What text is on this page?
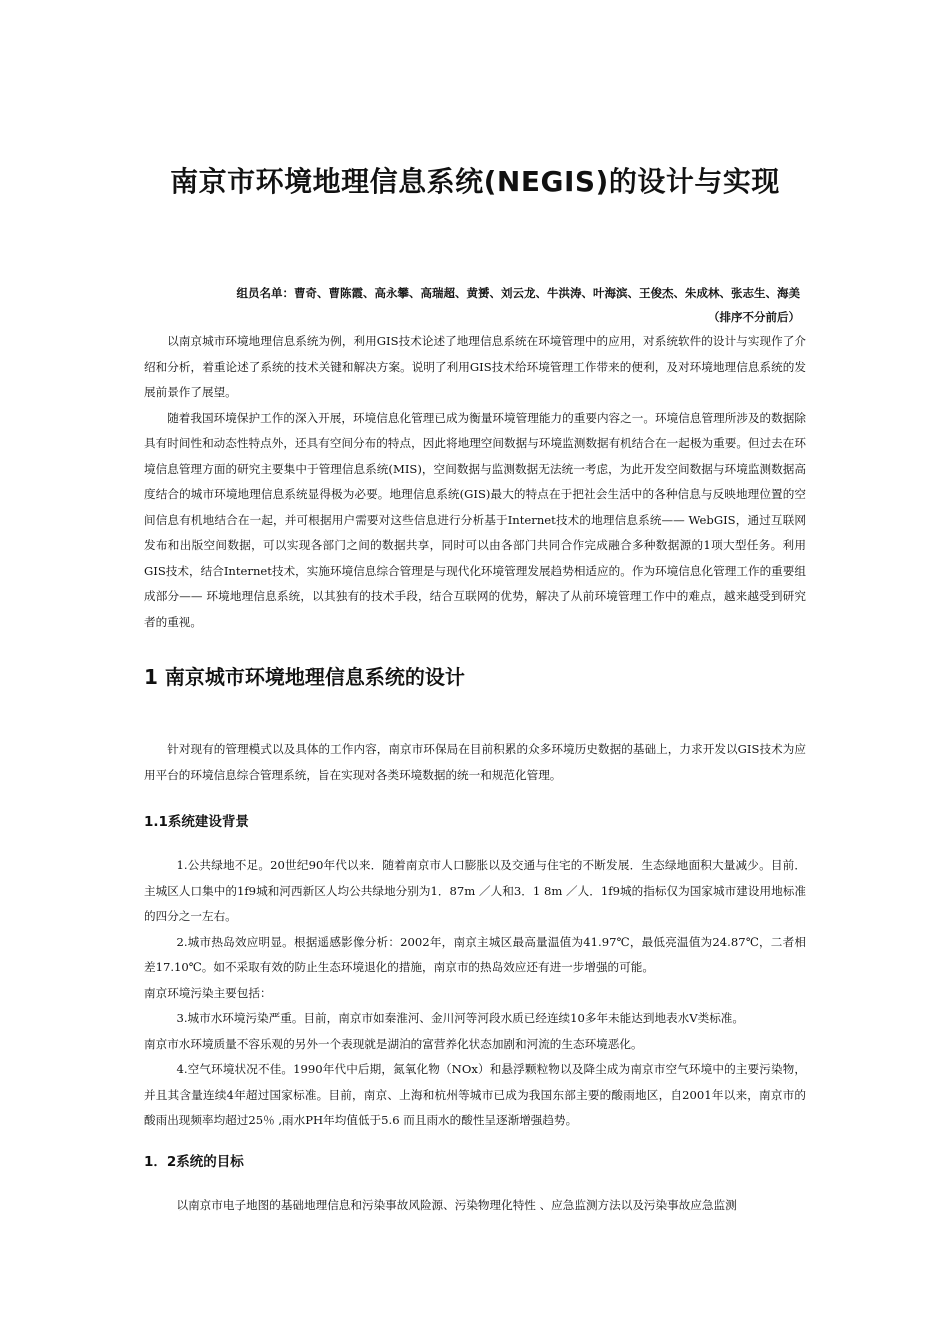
南京市环境地理信息系统(NEGIS)的设计与实现
组员名单：曹奇、曹陈霞、高永攀、高瑞超、黄赟、刘云龙、牛洪涛、叶海滨、王俊杰、朱成林、张志生、海美
（排序不分前后）

以南京城市环境地理信息系统为例，利用GIS技术论述了地理信息系统在环境管理中的应用，对系统软件的设计与实现作了介绍和分析，着重论述了系统的技术关键和解决方案。说明了利用GIS技术给环境管理工作带来的便利，及对环境地理信息系统的发展前景作了展望。

随着我国环境保护工作的深入开展，环境信息化管理已成为衡量环境管理能力的重要内容之一。环境信息管理所涉及的数据除具有时间性和动态性特点外，还具有空间分布的特点，因此将地理空间数据与环境监测数据有机结合在一起极为重要。但过去在环境信息管理方面的研究主要集中于管理信息系统(MIS)，空间数据与监测数据无法统一考虑，为此开发空间数据与环境监测数据高度结合的城市环境地理信息系统显得极为必要。地理信息系统(GIS)最大的特点在于把社会生活中的各种信息与反映地理位置的空间信息有机地结合在一起，并可根据用户需要对这些信息进行分析基于Internet技术的地理信息系统—— WebGIS，通过互联网发布和出版空间数据，可以实现各部门之间的数据共享，同时可以由各部门共同合作完成融合多种数据源的1项大型任务。利用GIS技术，结合Internet技术，实施环境信息综合管理是与现代化环境管理发展趋势相适应的。作为环境信息化管理工作的重要组成部分—— 环境地理信息系统，以其独有的技术手段，结合互联网的优势，解决了从前环境管理工作中的难点，越来越受到研究者的重视。

1 南京城市环境地理信息系统的设计

针对现有的管理模式以及具体的工作内容，南京市环保局在目前积累的众多环境历史数据的基础上，力求开发以GIS技术为应用平台的环境信息综合管理系统，旨在实现对各类环境数据的统一和规范化管理。

1.1系统建设背景

1.公共绿地不足。20世纪90年代以来．随着南京市人口膨胀以及交通与住宅的不断发展．生态绿地面积大量减少。目前．主城区人口集中的1f9城和河西新区人均公共绿地分别为1．87m ／人和3．1 8m ／人．1f9城的指标仅为国家城市建设用地标准的四分之一左右。

2.城市热岛效应明显。根据遥感影像分析：2002年，南京主城区最高量温值为41.97℃，最低亮温值为24.87℃，二者相差17.10℃。如不采取有效的防止生态环境退化的措施，南京市的热岛效应还有进一步增强的可能。

南京环境污染主要包括：

3.城市水环境污染严重。目前，南京市如秦淮河、金川河等河段水质已经连续10多年未能达到地表水V类标准。

南京市水环境质量不容乐观的另外一个表现就是湖泊的富营养化状态加剧和河流的生态环境恶化。

4.空气环境状况不佳。1990年代中后期，氮氧化物（NOx）和悬浮颗粒物以及降尘成为南京市空气环境中的主要污染物，并且其含量连续4年超过国家标准。目前，南京、上海和杭州等城市已成为我国东部主要的酸雨地区，自2001年以来，南京市的酸雨出现频率均超过25％ ,雨水PH年均值低于5.6 而且雨水的酸性呈逐渐增强趋势。

1．2系统的目标

以南京市电子地图的基础地理信息和污染事故风险源、污染物理化特性 、应急监测方法以及污染事故应急监测
